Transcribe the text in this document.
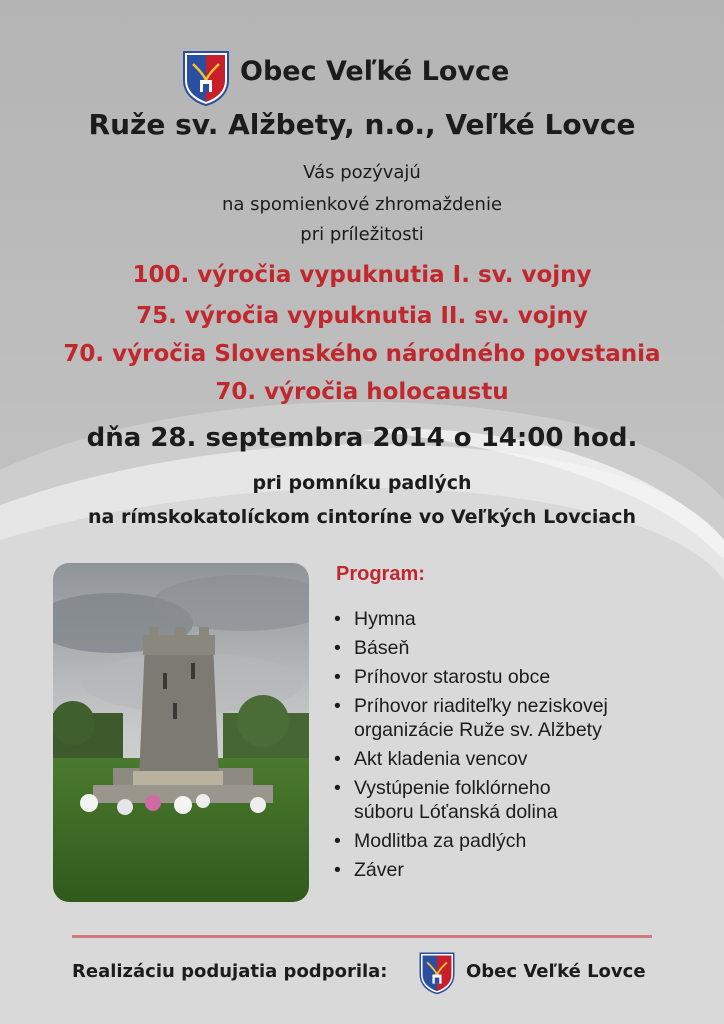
Obec Veľké Lovce
Ruže sv. Alžbety, n.o., Veľké Lovce
Vás pozývajú
na spomienkové zhromaždenie
pri príležitosti
100. výročia vypuknutia I. sv. vojny
75. výročia vypuknutia II. sv. vojny
70. výročia Slovenského národného povstania
70. výročia holocaustu
dňa 28. septembra 2014 o 14:00 hod.
pri pomníku padlých
na rímskokatolíckom cintoríne vo Veľkých Lovciach
Program:
• Hymna
• Báseň
• Príhovor starostu obce
• Príhovor riaditeľky neziskovej
organizácie Ruže sv. Alžbety
• Akt kladenia vencov
• Vystúpenie folklórneho
súboru Lóťanská dolina
• Modlitba za padlých
• Záver
Realizáciu podujatia podporila:	Obec Veľké Lovce
